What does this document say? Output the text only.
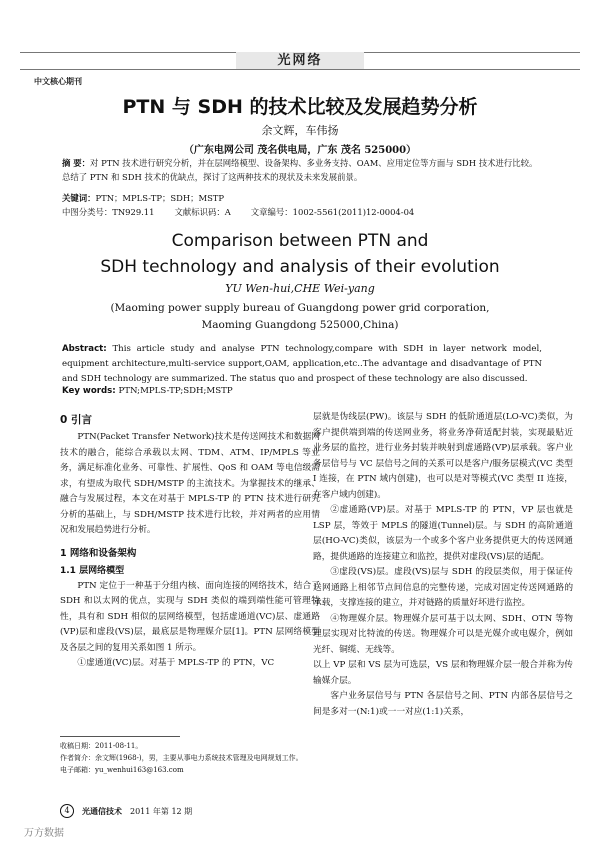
光网络
中文核心期刊
PTN 与 SDH 的技术比较及发展趋势分析
余文辉，车伟扬
（广东电网公司 茂名供电局，广东 茂名 525000）
摘 要：对 PTN 技术进行研究分析，并在层网络模型、设备架构、多业务支持、OAM、应用定位等方面与 SDH 技术进行比较。总结了 PTN 和 SDH 技术的优缺点，探讨了这两种技术的现状及未来发展前景。
关键词：PTN；MPLS-TP；SDH；MSTP
中图分类号：TN929.11 文献标识码：A 文章编号：1002-5561(2011)12-0004-04
Comparison between PTN and
SDH technology and analysis of their evolution
YU Wen-hui,CHE Wei-yang
(Maoming power supply bureau of Guangdong power grid corporation,
Maoming Guangdong 525000,China)
Abstract: This article study and analyse PTN technology,compare with SDH in layer network model, equipment architecture,multi-service support,OAM, application,etc..The advantage and disadvantage of PTN and SDH technology are summarized. The status quo and prospect of these technology are also discussed.
Key words: PTN;MPLS-TP;SDH;MSTP
0 引言

PTN(Packet Transfer Network)技术是传送网技术和数据网技术的融合，能综合承载以太网、TDM、ATM、IP/MPLS 等业务，满足标准化业务、可靠性、扩展性、QoS 和 OAM 等电信级需求，有望成为取代 SDH/MSTP 的主流技术。为掌握技术的继承、融合与发展过程，本文在对基于 MPLS-TP 的 PTN 技术进行研究分析的基础上，与 SDH/MSTP 技术进行比较，并对两者的应用情况和发展趋势进行分析。

1 网络和设备架构
1.1 层网络模型

PTN 定位于一种基于分组内核、面向连接的网络技术，结合了 SDH 和以太网的优点，实现与 SDH 类似的端到端性能可管理特性，具有和 SDH 相似的层网络模型，包括虚通道(VC)层、虚通路(VP)层和虚段(VS)层，最底层是物理媒介层[1]。PTN 层网络模型及各层之间的复用关系如图 1 所示。

①虚通道(VC)层。对基于 MPLS-TP 的 PTN，VC

层就是伪线层(PW)。该层与 SDH 的低阶通道层(LO-VC)类似，为客户提供端到端的传送网业务，将业务净荷适配封装，实现最贴近业务层的监控，进行业务封装并映射到虚通路(VP)层承载。客户业务层信号与 VC 层信号之间的关系可以是客户/服务层模式(VC 类型 I 连接，在 PTN 域内创建)，也可以是对等模式(VC 类型 II 连接，在客户域内创建)。

②虚通路(VP)层。对基于 MPLS-TP 的 PTN，VP 层也就是 LSP 层，等效于 MPLS 的隧道(Tunnel)层。与 SDH 的高阶通道层(HO-VC)类似，该层为一个或多个客户业务提供更大的传送网通路，提供通路的连接建立和监控，提供对虚段(VS)层的适配。

③虚段(VS)层。虚段(VS)层与 SDH 的段层类似，用于保证传送网通路上相邻节点间信息的完整传递，完成对固定传送网通路的承载，支撑连接的建立，并对链路的质量好坏进行监控。

④物理媒介层。物理媒介层可基于以太网、SDH、OTN 等物理层实现对比特流的传送。物理媒介可以是光媒介或电媒介，例如光纤、铜缆、无线等。

以上 VP 层和 VS 层为可选层，VS 层和物理媒介层一般合并称为传输媒介层。

客户业务层信号与 PTN 各层信号之间、PTN 内部各层信号之间是多对一(N:1)或一一对应(1:1)关系，

收稿日期：2011-08-11。
作者简介：余文辉(1968-)，男，主要从事电力系统技术管理及电网规划工作。
电子邮箱：yu_wenhui163@163.com
4	光通信技术 2011 年第 12 期
万方数据
